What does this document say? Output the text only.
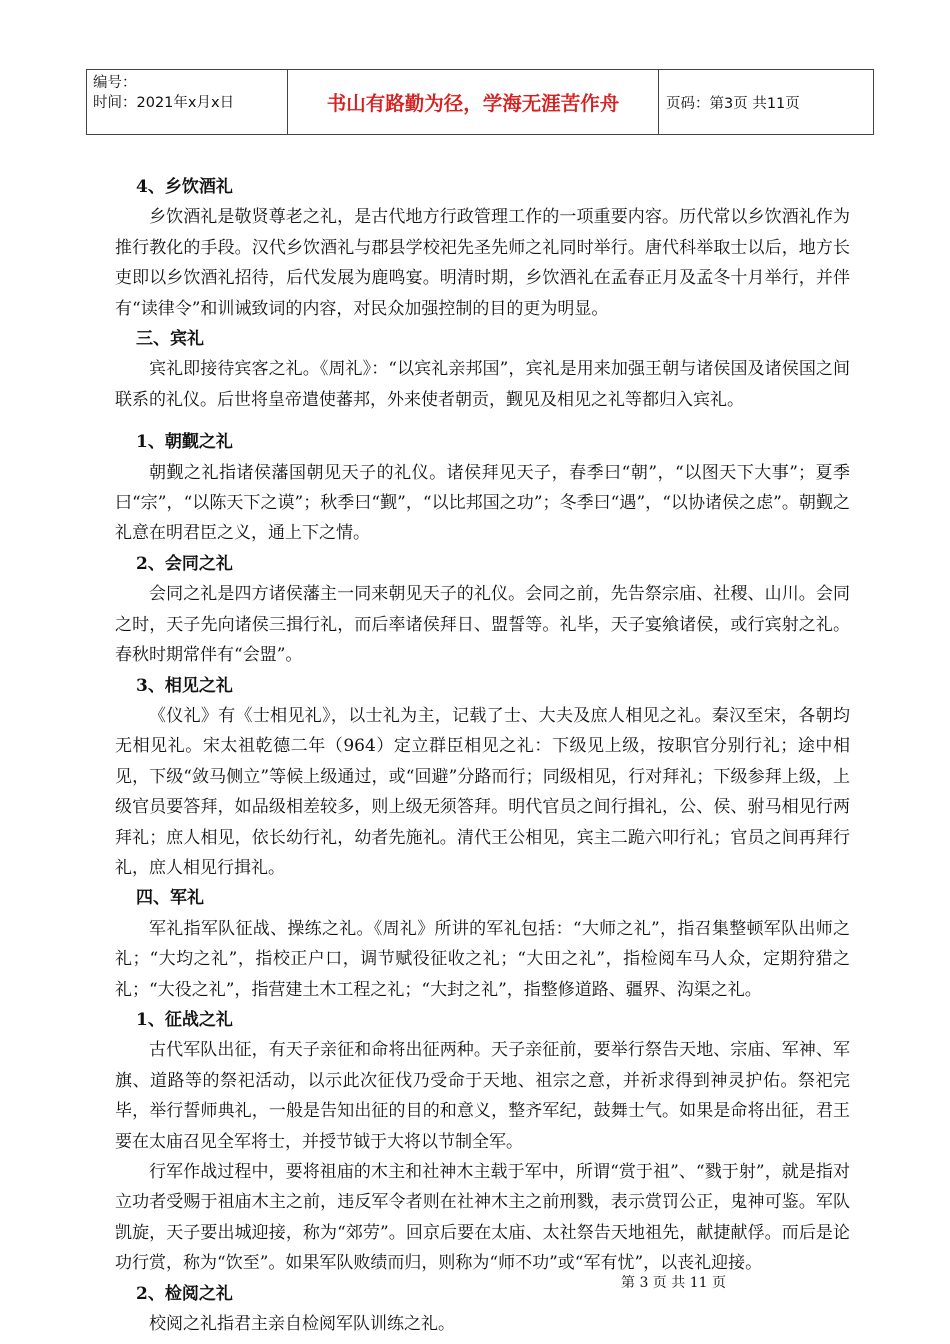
编号：
时间：2021年x月x日	书山有路勤为径，学海无涯苦作舟	页码：第3页 共11页

4、乡饮酒礼

乡饮酒礼是敬贤尊老之礼，是古代地方行政管理工作的一项重要内容。历代常以乡饮酒礼作为推行教化的手段。汉代乡饮酒礼与郡县学校祀先圣先师之礼同时举行。唐代科举取士以后，地方长吏即以乡饮酒礼招待，后代发展为鹿鸣宴。明清时期，乡饮酒礼在孟春正月及孟冬十月举行，并伴有“读律令”和训诫致词的内容，对民众加强控制的目的更为明显。

三、宾礼

宾礼即接待宾客之礼。《周礼》：“以宾礼亲邦国”，宾礼是用来加强王朝与诸侯国及诸侯国之间联系的礼仪。后世将皇帝遣使蕃邦，外来使者朝贡，觐见及相见之礼等都归入宾礼。

1、朝觐之礼

朝觐之礼指诸侯藩国朝见天子的礼仪。诸侯拜见天子，春季曰“朝”，“以图天下大事”；夏季曰“宗”，“以陈天下之谟”；秋季曰“觐”，“以比邦国之功”；冬季曰“遇”，“以协诸侯之虑”。朝觐之礼意在明君臣之义，通上下之情。

2、会同之礼

会同之礼是四方诸侯藩主一同来朝见天子的礼仪。会同之前，先告祭宗庙、社稷、山川。会同之时，天子先向诸侯三揖行礼，而后率诸侯拜日、盟誓等。礼毕，天子宴飨诸侯，或行宾射之礼。春秋时期常伴有“会盟”。

3、相见之礼

《仪礼》有《士相见礼》，以士礼为主，记载了士、大夫及庶人相见之礼。秦汉至宋，各朝均无相见礼。宋太祖乾德二年（964）定立群臣相见之礼：下级见上级，按职官分别行礼；途中相见，下级“敛马侧立”等候上级通过，或“回避”分路而行；同级相见，行对拜礼；下级参拜上级，上级官员要答拜，如品级相差较多，则上级无须答拜。明代官员之间行揖礼，公、侯、驸马相见行两拜礼；庶人相见，依长幼行礼，幼者先施礼。清代王公相见，宾主二跪六叩行礼；官员之间再拜行礼，庶人相见行揖礼。

四、军礼

军礼指军队征战、操练之礼。《周礼》所讲的军礼包括：“大师之礼”，指召集整顿军队出师之礼；“大均之礼”，指校正户口，调节赋役征收之礼；“大田之礼”，指检阅车马人众，定期狩猎之礼；“大役之礼”，指营建土木工程之礼；“大封之礼”，指整修道路、疆界、沟渠之礼。

1、征战之礼

古代军队出征，有天子亲征和命将出征两种。天子亲征前，要举行祭告天地、宗庙、军神、军旗、道路等的祭祀活动，以示此次征伐乃受命于天地、祖宗之意，并祈求得到神灵护佑。祭祀完毕，举行誓师典礼，一般是告知出征的目的和意义，整齐军纪，鼓舞士气。如果是命将出征，君王要在太庙召见全军将士，并授节钺于大将以节制全军。

行军作战过程中，要将祖庙的木主和社神木主载于军中，所谓“赏于祖”、“戮于射”，就是指对立功者受赐于祖庙木主之前，违反军令者则在社神木主之前刑戮，表示赏罚公正，鬼神可鉴。军队凯旋，天子要出城迎接，称为“郊劳”。回京后要在太庙、太社祭告天地祖先，献捷献俘。而后是论功行赏，称为“饮至”。如果军队败绩而归，则称为“师不功”或“军有忧”，以丧礼迎接。

2、检阅之礼

校阅之礼指君主亲自检阅军队训练之礼。

第 3 页 共 11 页
